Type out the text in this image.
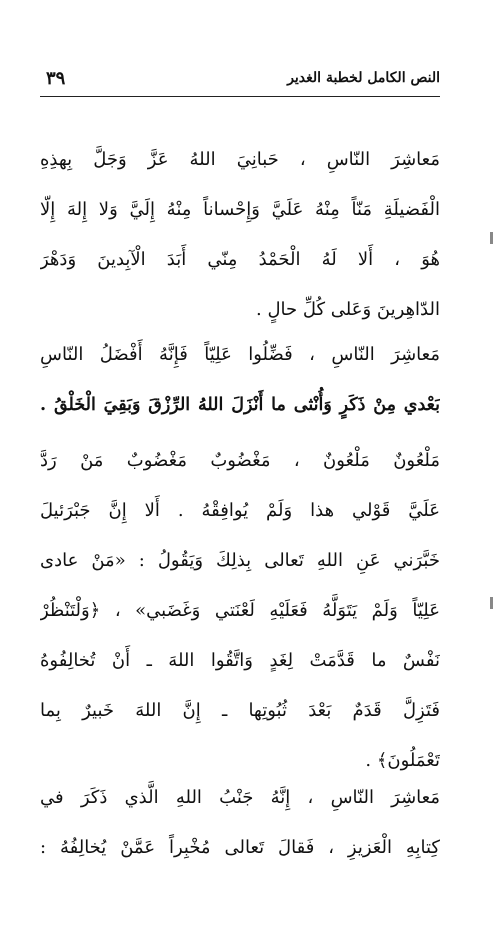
النص الكامل لخطبة الغدير
٣٩
مَعاشِرَ النّاسِ ، حَبانِيَ اللهُ عَزَّ وَجَلَّ بِهذِهِ
الْفَضيلَةِ مَنّاً مِنْهُ عَلَيَّ وَإِحْساناً مِنْهُ إِلَيَّ وَلا إِلهَ إِلّا
هُوَ ، أَلا لَهُ الْحَمْدُ مِنّي أَبَدَ الْآبِدينَ وَدَهْرَ
الدّاهِرينَ وَعَلى كُلِّ حالٍ .
مَعاشِرَ النّاسِ ، فَضِّلُوا عَلِيّاً فَإِنَّهُ أَفْضَلُ النّاسِ
بَعْدي مِنْ ذَكَرٍ وَأُنْثى ما أَنْزَلَ اللهُ الرِّزْقَ وَبَقِيَ الْخَلْقُ .
مَلْعُونٌ مَلْعُونٌ ، مَغْضُوبٌ مَغْضُوبٌ مَنْ رَدَّ
عَلَيَّ قَوْلي هذا وَلَمْ يُوافِقْهُ . أَلا إِنَّ جَبْرَئيلَ
خَبَّرَني عَنِ اللهِ تَعالى بِذلِكَ وَيَقُولُ : «مَنْ عادى
عَلِيّاً وَلَمْ يَتَوَلَّهُ فَعَلَيْهِ لَعْنَتي وَغَضَبي» ، ﴿وَلْتَنْظُرْ
نَفْسٌ ما قَدَّمَتْ لِغَدٍ وَاتَّقُوا اللهَ ـ أَنْ تُخالِفُوهُ
فَتَزِلَّ قَدَمٌ بَعْدَ ثُبُوتِها ـ إِنَّ اللهَ خَبيرٌ بِما
تَعْمَلُونَ﴾ .
مَعاشِرَ النّاسِ ، إِنَّهُ جَنْبُ اللهِ الَّذي ذَكَرَ في
كِتابِهِ الْعَزيزِ ، فَقالَ تَعالى مُخْبِراً عَمَّنْ يُخالِفُهُ :
